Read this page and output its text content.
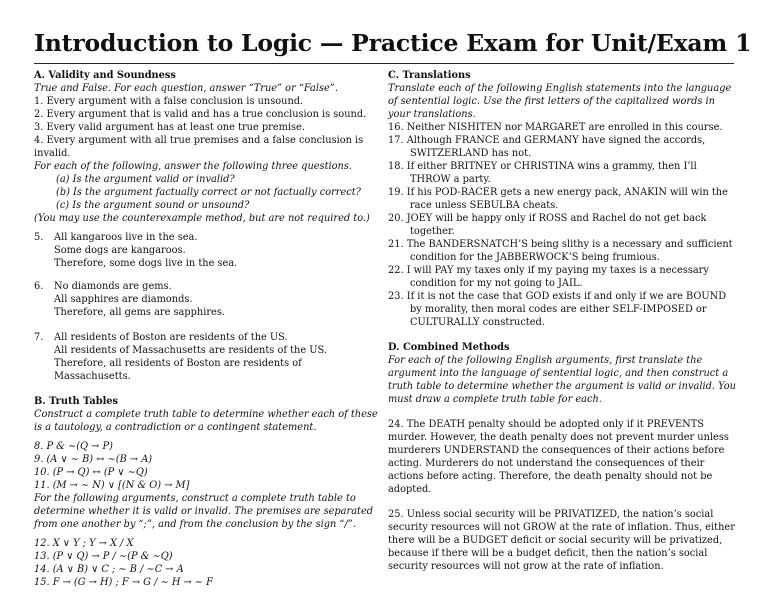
Introduction to Logic — Practice Exam for Unit/Exam 1
A. Validity and Soundness
True and False. For each question, answer “True” or “False”.
1. Every argument with a false conclusion is unsound.
2. Every argument that is valid and has a true conclusion is sound.
3. Every valid argument has at least one true premise.
4. Every argument with all true premises and a false conclusion is invalid.
For each of the following, answer the following three questions.
(a) Is the argument valid or invalid?
(b) Is the argument factually correct or not factually correct?
(c) Is the argument sound or unsound?
(You may use the counterexample method, but are not required to.)
5.	All kangaroos live in the sea.
Some dogs are kangaroos.
Therefore, some dogs live in the sea.
6.	No diamonds are gems.
All sapphires are diamonds.
Therefore, all gems are sapphires.
7.	All residents of Boston are residents of the US.
All residents of Massachusetts are residents of the US.
Therefore, all residents of Boston are residents of Massachusetts.
B. Truth Tables
Construct a complete truth table to determine whether each of these is a tautology, a contradiction or a contingent statement.
8. P & ∼(Q → P)
9. (A ∨ ∼ B) ↔ ∼(B → A)
10. (P → Q) ↔ (P ∨ ∼Q)
11. (M → ∼ N) ∨ [(N & O) → M]
For the following arguments, construct a complete truth table to determine whether it is valid or invalid. The premises are separated from one another by “;”, and from the conclusion by the sign “/”.
12. X ∨ Y ; Y → X / X
13. (P ∨ Q) → P / ∼(P & ∼Q)
14. (A ∨ B) ∨ C ; ∼ B / ∼C → A
15. F → (G → H) ; F → G / ∼ H → ∼ F
C. Translations
Translate each of the following English statements into the language of sentential logic. Use the first letters of the capitalized words in your translations.
16. Neither NISHITEN nor MARGARET are enrolled in this course.
17. Although FRANCE and GERMANY have signed the accords, SWITZERLAND has not.
18. If either BRITNEY or CHRISTINA wins a grammy, then I’ll THROW a party.
19. If his POD-RACER gets a new energy pack, ANAKIN will win the race unless SEBULBA cheats.
20. JOEY will be happy only if ROSS and Rachel do not get back together.
21. The BANDERSNATCH’S being slithy is a necessary and sufficient condition for the JABBERWOCK’S being frumious.
22. I will PAY my taxes only if my paying my taxes is a necessary condition for my not going to JAIL.
23. If it is not the case that GOD exists if and only if we are BOUND by morality, then moral codes are either SELF-IMPOSED or CULTURALLY constructed.
D. Combined Methods
For each of the following English arguments, first translate the argument into the language of sentential logic, and then construct a truth table to determine whether the argument is valid or invalid. You must draw a complete truth table for each.
24. The DEATH penalty should be adopted only if it PREVENTS murder. However, the death penalty does not prevent murder unless murderers UNDERSTAND the consequences of their actions before acting. Murderers do not understand the consequences of their actions before acting. Therefore, the death penalty should not be adopted.
25. Unless social security will be PRIVATIZED, the nation’s social security resources will not GROW at the rate of inflation. Thus, either there will be a BUDGET deficit or social security will be privatized, because if there will be a budget deficit, then the nation’s social security resources will not grow at the rate of inflation.
